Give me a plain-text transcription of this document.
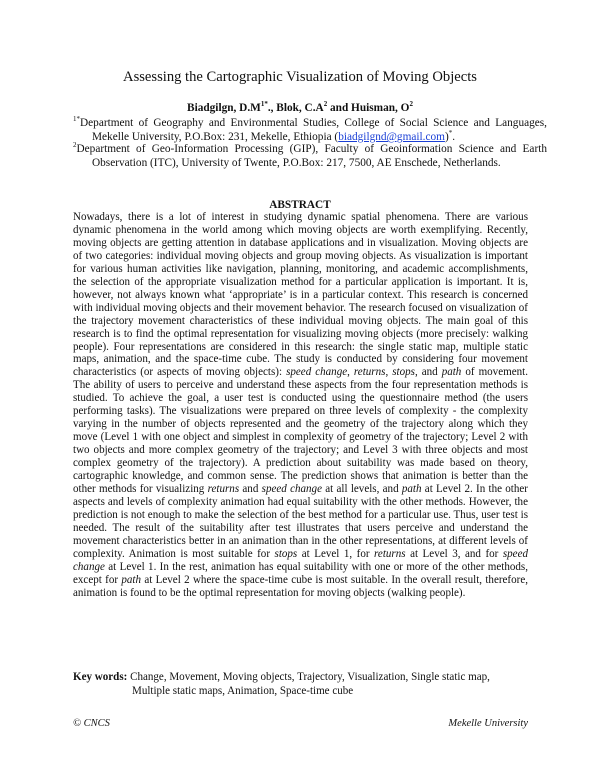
Assessing the Cartographic Visualization of Moving Objects
Biadgilgn, $D.M^{1*}$., Blok, $C.A^2$ and Huisman, $O^2$
$^{1*}$Department of Geography and Environmental Studies, College of Social Science and Languages, Mekelle University, P.O.Box: 231, Mekelle, Ethiopia (biadgilgnd@gmail.com)*.
$^2$Department of Geo-Information Processing (GIP), Faculty of Geoinformation Science and Earth Observation (ITC), University of Twente, P.O.Box: 217, 7500, AE Enschede, Netherlands.
ABSTRACT
Nowadays, there is a lot of interest in studying dynamic spatial phenomena. There are various dynamic phenomena in the world among which moving objects are worth exemplifying. Recently, moving objects are getting attention in database applications and in visualization. Moving objects are of two categories: individual moving objects and group moving objects. As visualization is important for various human activities like navigation, planning, monitoring, and academic accomplishments, the selection of the appropriate visualization method for a particular application is important. It is, however, not always known what ‘appropriate’ is in a particular context. This research is concerned with individual moving objects and their movement behavior. The research focused on visualization of the trajectory movement characteristics of these individual moving objects. The main goal of this research is to find the optimal representation for visualizing moving objects (more precisely: walking people). Four representations are considered in this research: the single static map, multiple static maps, animation, and the space-time cube. The study is conducted by considering four movement characteristics (or aspects of moving objects): speed change, returns, stops, and path of movement. The ability of users to perceive and understand these aspects from the four representation methods is studied. To achieve the goal, a user test is conducted using the questionnaire method (the users performing tasks). The visualizations were prepared on three levels of complexity - the complexity varying in the number of objects represented and the geometry of the trajectory along which they move (Level 1 with one object and simplest in complexity of geometry of the trajectory; Level 2 with two objects and more complex geometry of the trajectory; and Level 3 with three objects and most complex geometry of the trajectory). A prediction about suitability was made based on theory, cartographic knowledge, and common sense. The prediction shows that animation is better than the other methods for visualizing returns and speed change at all levels, and path at Level 2. In the other aspects and levels of complexity animation had equal suitability with the other methods. However, the prediction is not enough to make the selection of the best method for a particular use. Thus, user test is needed. The result of the suitability after test illustrates that users perceive and understand the movement characteristics better in an animation than in the other representations, at different levels of complexity. Animation is most suitable for stops at Level 1, for returns at Level 3, and for speed change at Level 1. In the rest, animation has equal suitability with one or more of the other methods, except for path at Level 2 where the space-time cube is most suitable. In the overall result, therefore, animation is found to be the optimal representation for moving objects (walking people).
Key words: Change, Movement, Moving objects, Trajectory, Visualization, Single static map,
Multiple static maps, Animation, Space-time cube
© CNCS	Mekelle University
